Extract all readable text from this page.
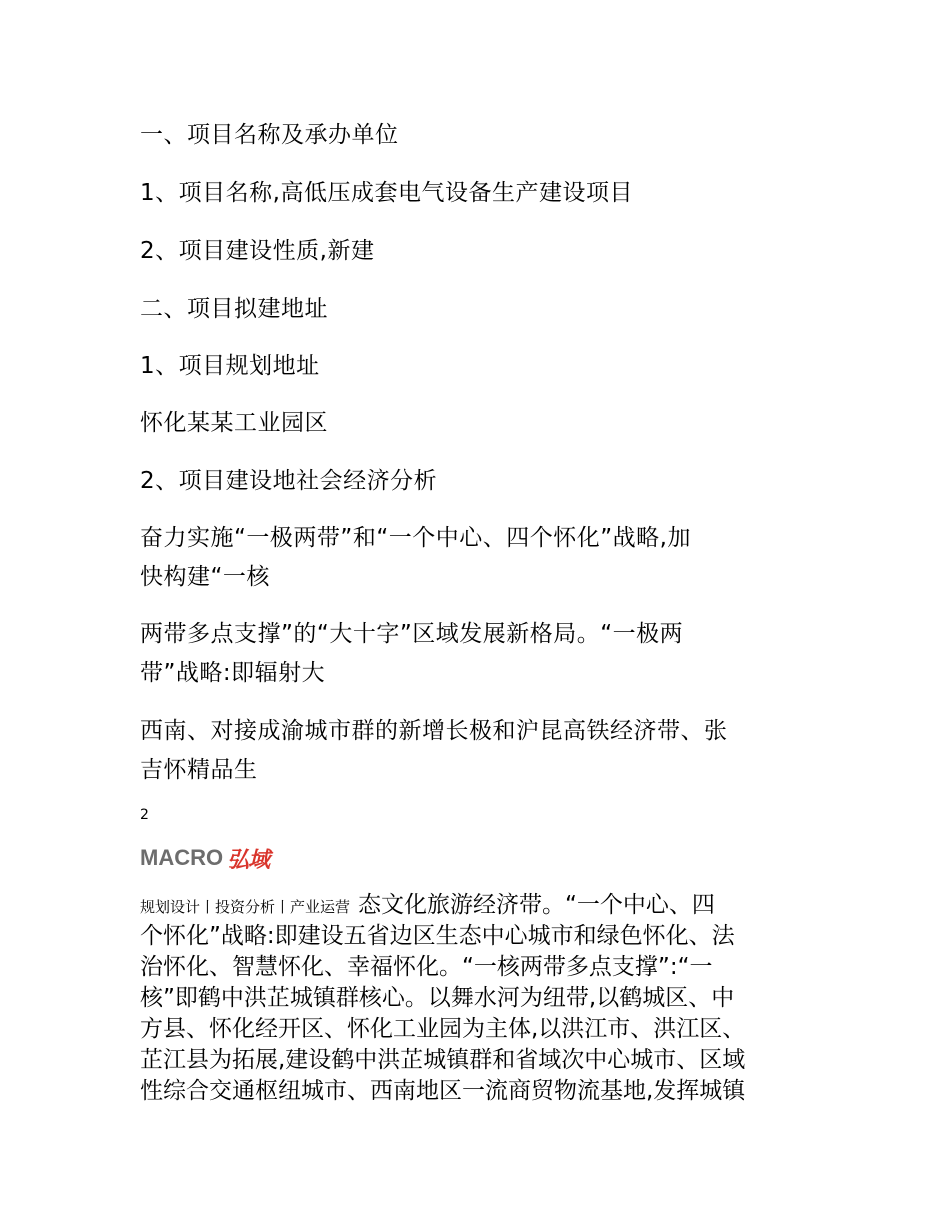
一、项目名称及承办单位
1、项目名称,高低压成套电气设备生产建设项目
2、项目建设性质,新建
二、项目拟建地址
1、项目规划地址
怀化某某工业园区
2、项目建设地社会经济分析
奋力实施“一极两带”和“一个中心、四个怀化”战略,加
快构建“一核
两带多点支撑”的“大十字”区域发展新格局。“一极两
带”战略:即辐射大
西南、对接成渝城市群的新增长极和沪昆高铁经济带、张
吉怀精品生
2
MACRO 弘域
规划设计丨投资分析丨产业运营 态文化旅游经济带。“一个中心、四
个怀化”战略:即建设五省边区生态中心城市和绿色怀化、法
治怀化、智慧怀化、幸福怀化。“一核两带多点支撑”:“一
核”即鹤中洪芷城镇群核心。以舞水河为纽带,以鹤城区、中
方县、怀化经开区、怀化工业园为主体,以洪江市、洪江区、
芷江县为拓展,建设鹤中洪芷城镇群和省域次中心城市、区域
性综合交通枢纽城市、西南地区一流商贸物流基地,发挥城镇
